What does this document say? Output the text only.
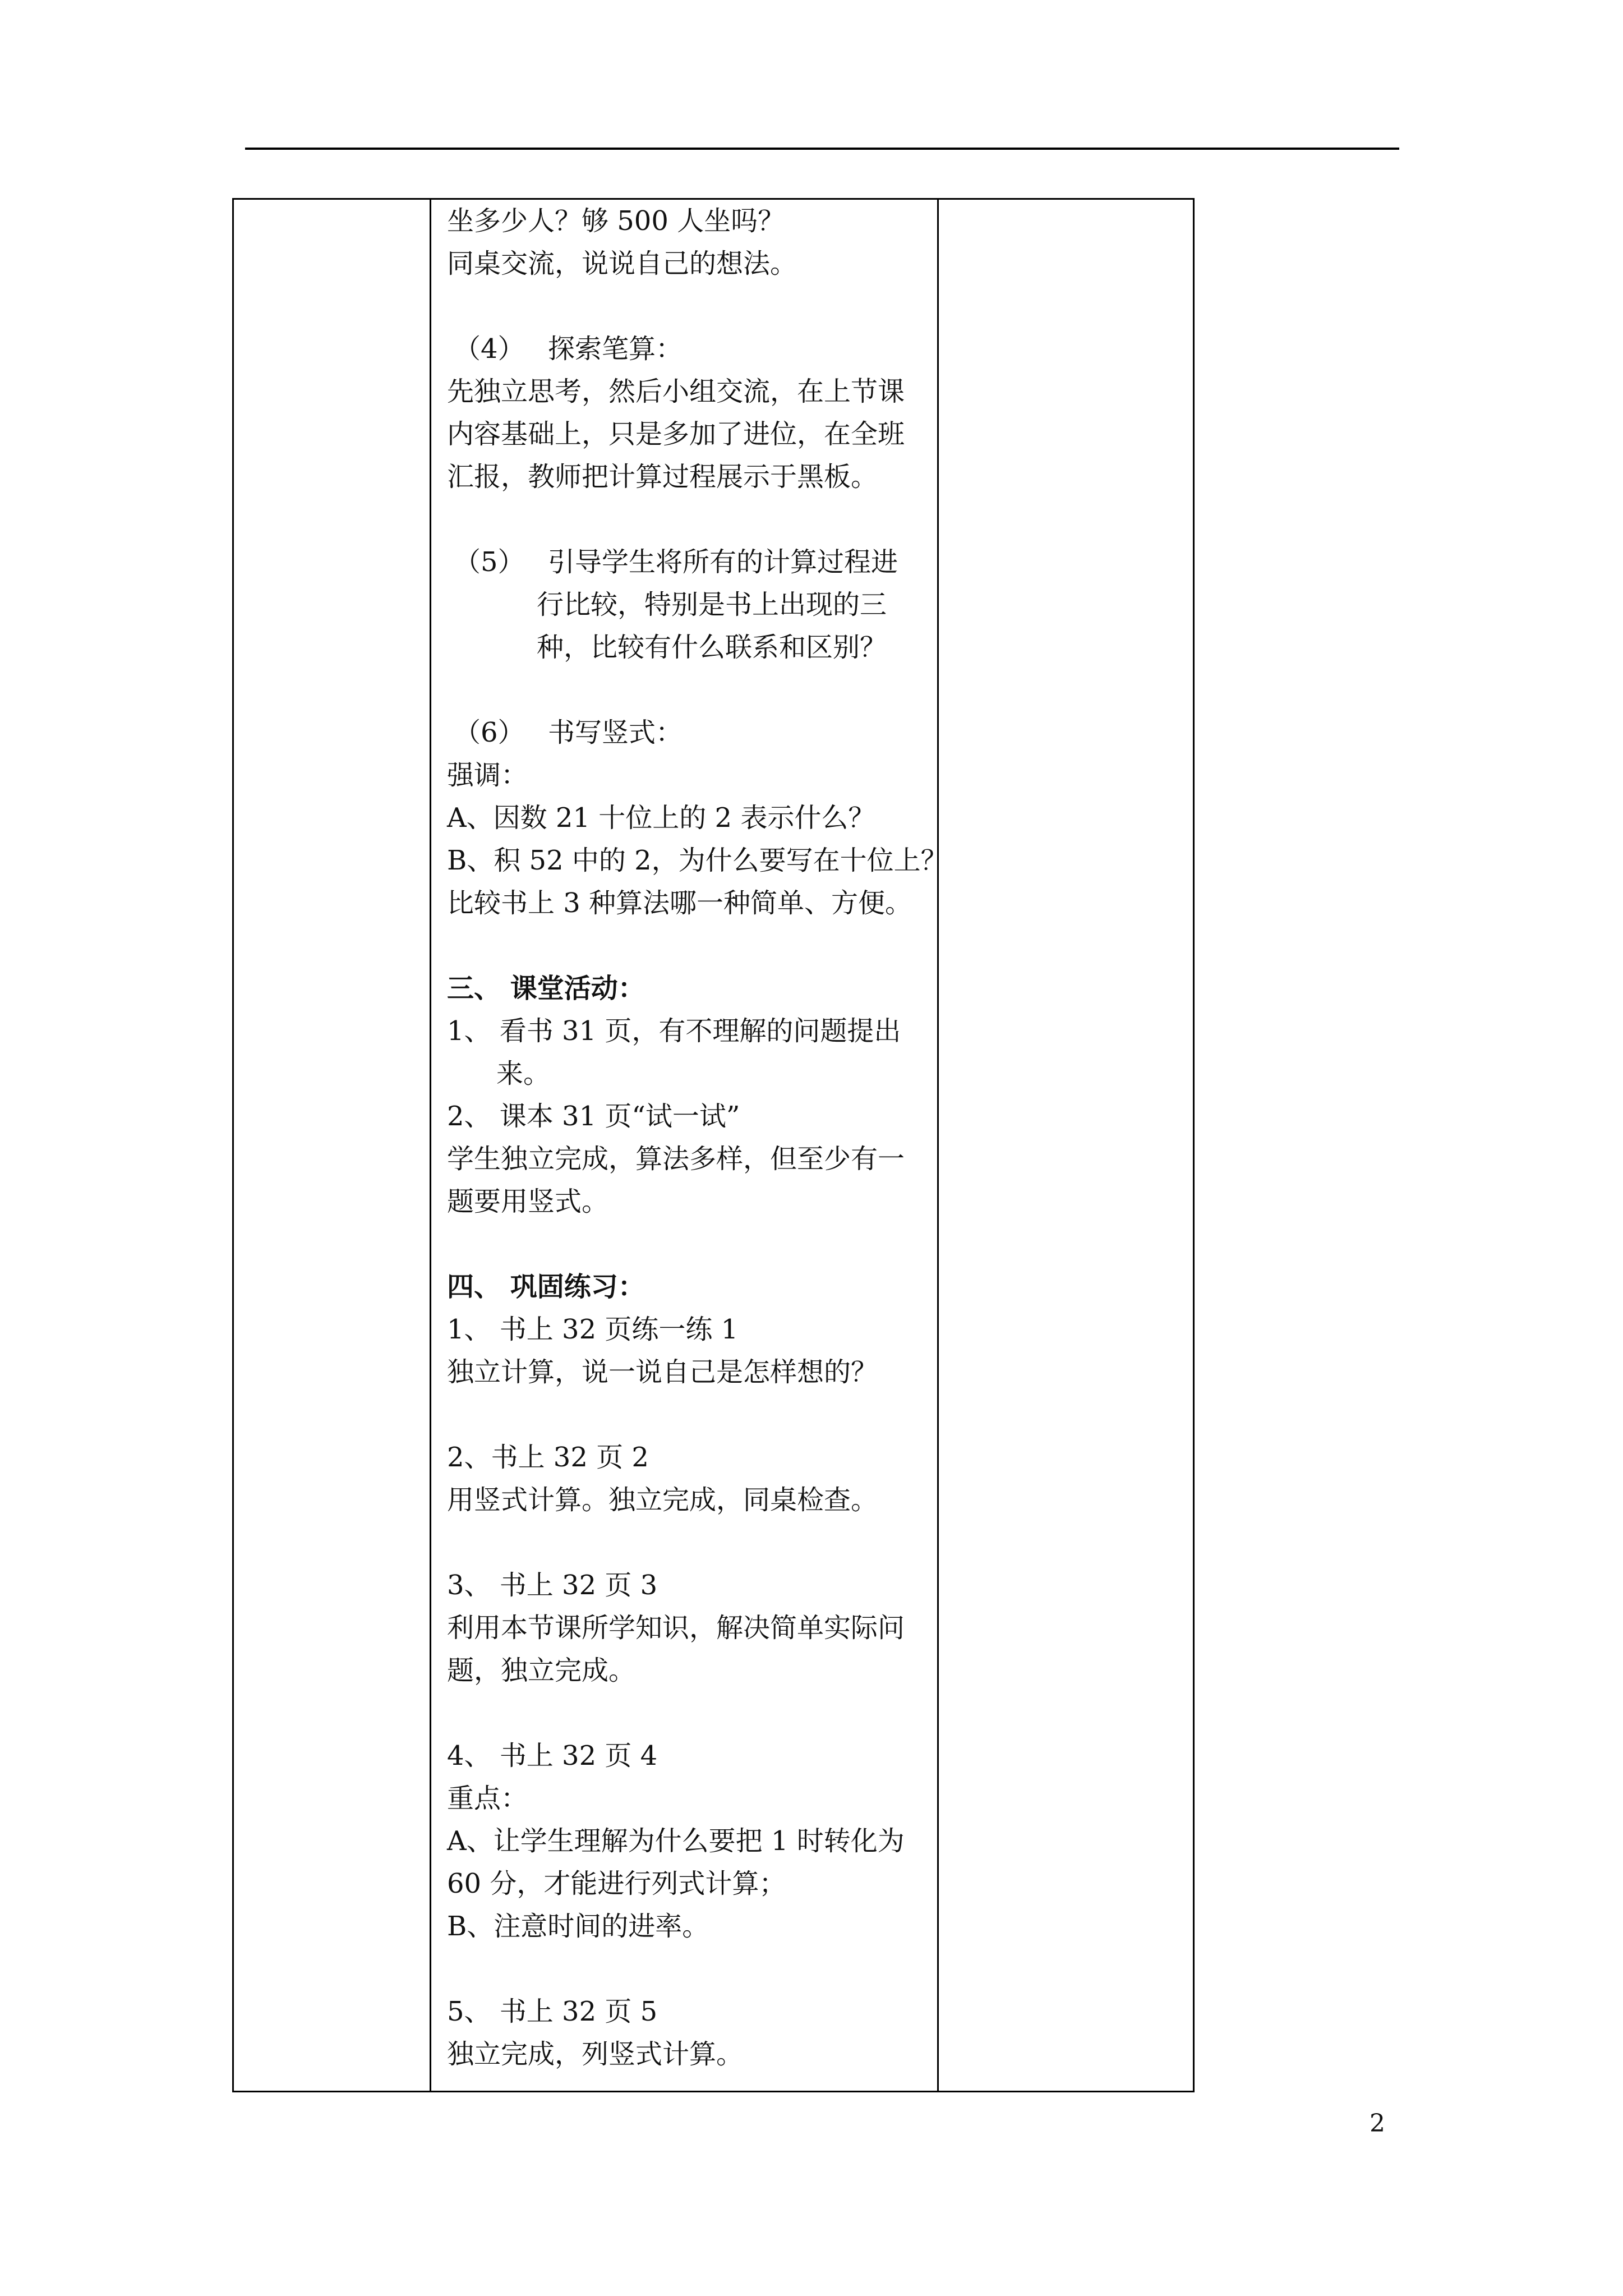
坐多少人？够 500 人坐吗？
同桌交流，说说自己的想法。
（4） 探索笔算：
先独立思考，然后小组交流，在上节课
内容基础上，只是多加了进位，在全班
汇报，教师把计算过程展示于黑板。
（5） 引导学生将所有的计算过程进
行比较，特别是书上出现的三
种，比较有什么联系和区别？
（6） 书写竖式：
强调：
A、因数 21 十位上的 2 表示什么？
B、积 52 中的 2，为什么要写在十位上？
比较书上 3 种算法哪一种简单、方便。
三、 课堂活动：
1、 看书 31 页，有不理解的问题提出
来。
2、 课本 31 页“试一试”
学生独立完成，算法多样，但至少有一
题要用竖式。
四、 巩固练习：
1、 书上 32 页练一练 1
独立计算，说一说自己是怎样想的？
2、书上 32 页 2
用竖式计算。独立完成，同桌检查。
3、 书上 32 页 3
利用本节课所学知识，解决简单实际问
题，独立完成。
4、 书上 32 页 4
重点：
A、让学生理解为什么要把 1 时转化为
60 分，才能进行列式计算；
B、注意时间的进率。
5、 书上 32 页 5
独立完成，列竖式计算。
2
